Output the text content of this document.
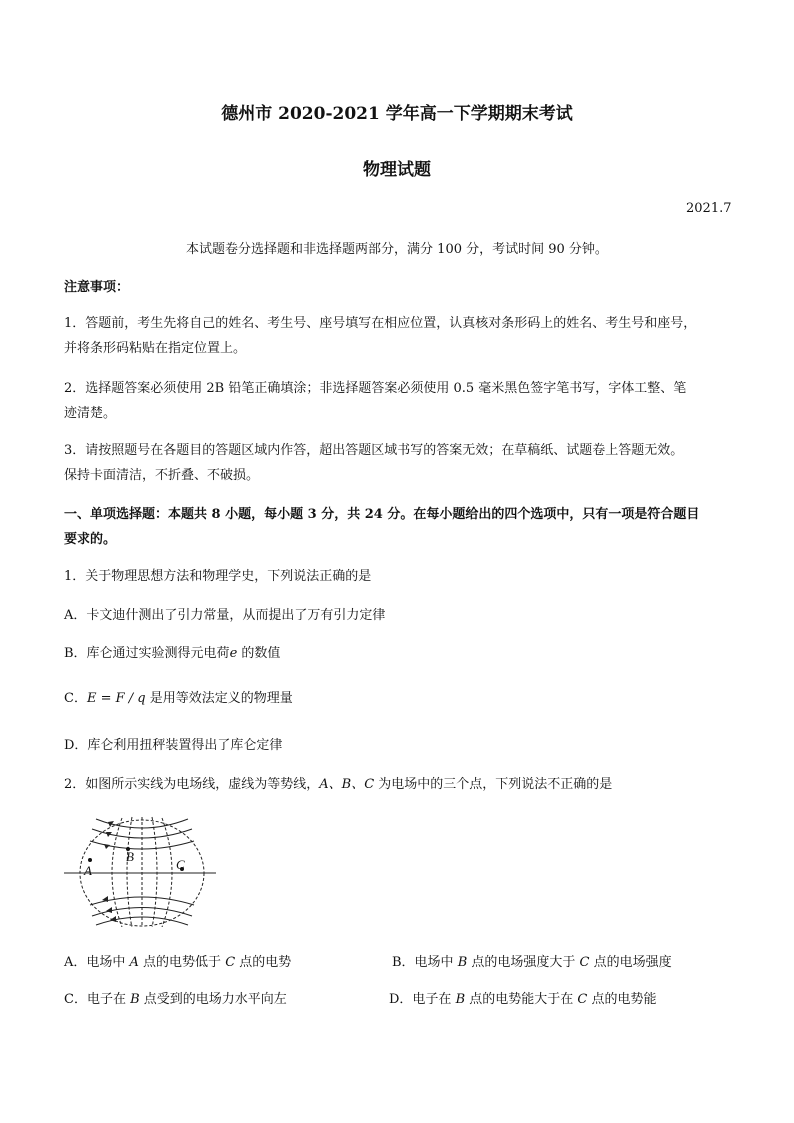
德州市 2020-2021 学年高一下学期期末考试
物理试题
2021.7
本试题卷分选择题和非选择题两部分，满分 100 分，考试时间 90 分钟。
注意事项：
1．答题前，考生先将自己的姓名、考生号、座号填写在相应位置，认真核对条形码上的姓名、考生号和座号，
并将条形码粘贴在指定位置上。
2．选择题答案必须使用 2B 铅笔正确填涂；非选择题答案必须使用 0.5 毫米黑色签字笔书写，字体工整、笔
迹清楚。
3．请按照题号在各题目的答题区域内作答，超出答题区域书写的答案无效；在草稿纸、试题卷上答题无效。
保持卡面清洁，不折叠、不破损。
一、单项选择题：本题共 8 小题，每小题 3 分，共 24 分。在每小题给出的四个选项中，只有一项是符合题目
要求的。
1．关于物理思想方法和物理学史，下列说法正确的是
A．卡文迪什测出了引力常量，从而提出了万有引力定律
B．库仑通过实验测得元电荷e 的数值
C．E = F / q 是用等效法定义的物理量
D．库仑利用扭秤装置得出了库仑定律
2．如图所示实线为电场线，虚线为等势线，A、B、C 为电场中的三个点，下列说法不正确的是
A
B
C
A．电场中 A 点的电势低于 C 点的电势	B．电场中 B 点的电场强度大于 C 点的电场强度
C．电子在 B 点受到的电场力水平向左	D．电子在 B 点的电势能大于在 C 点的电势能
